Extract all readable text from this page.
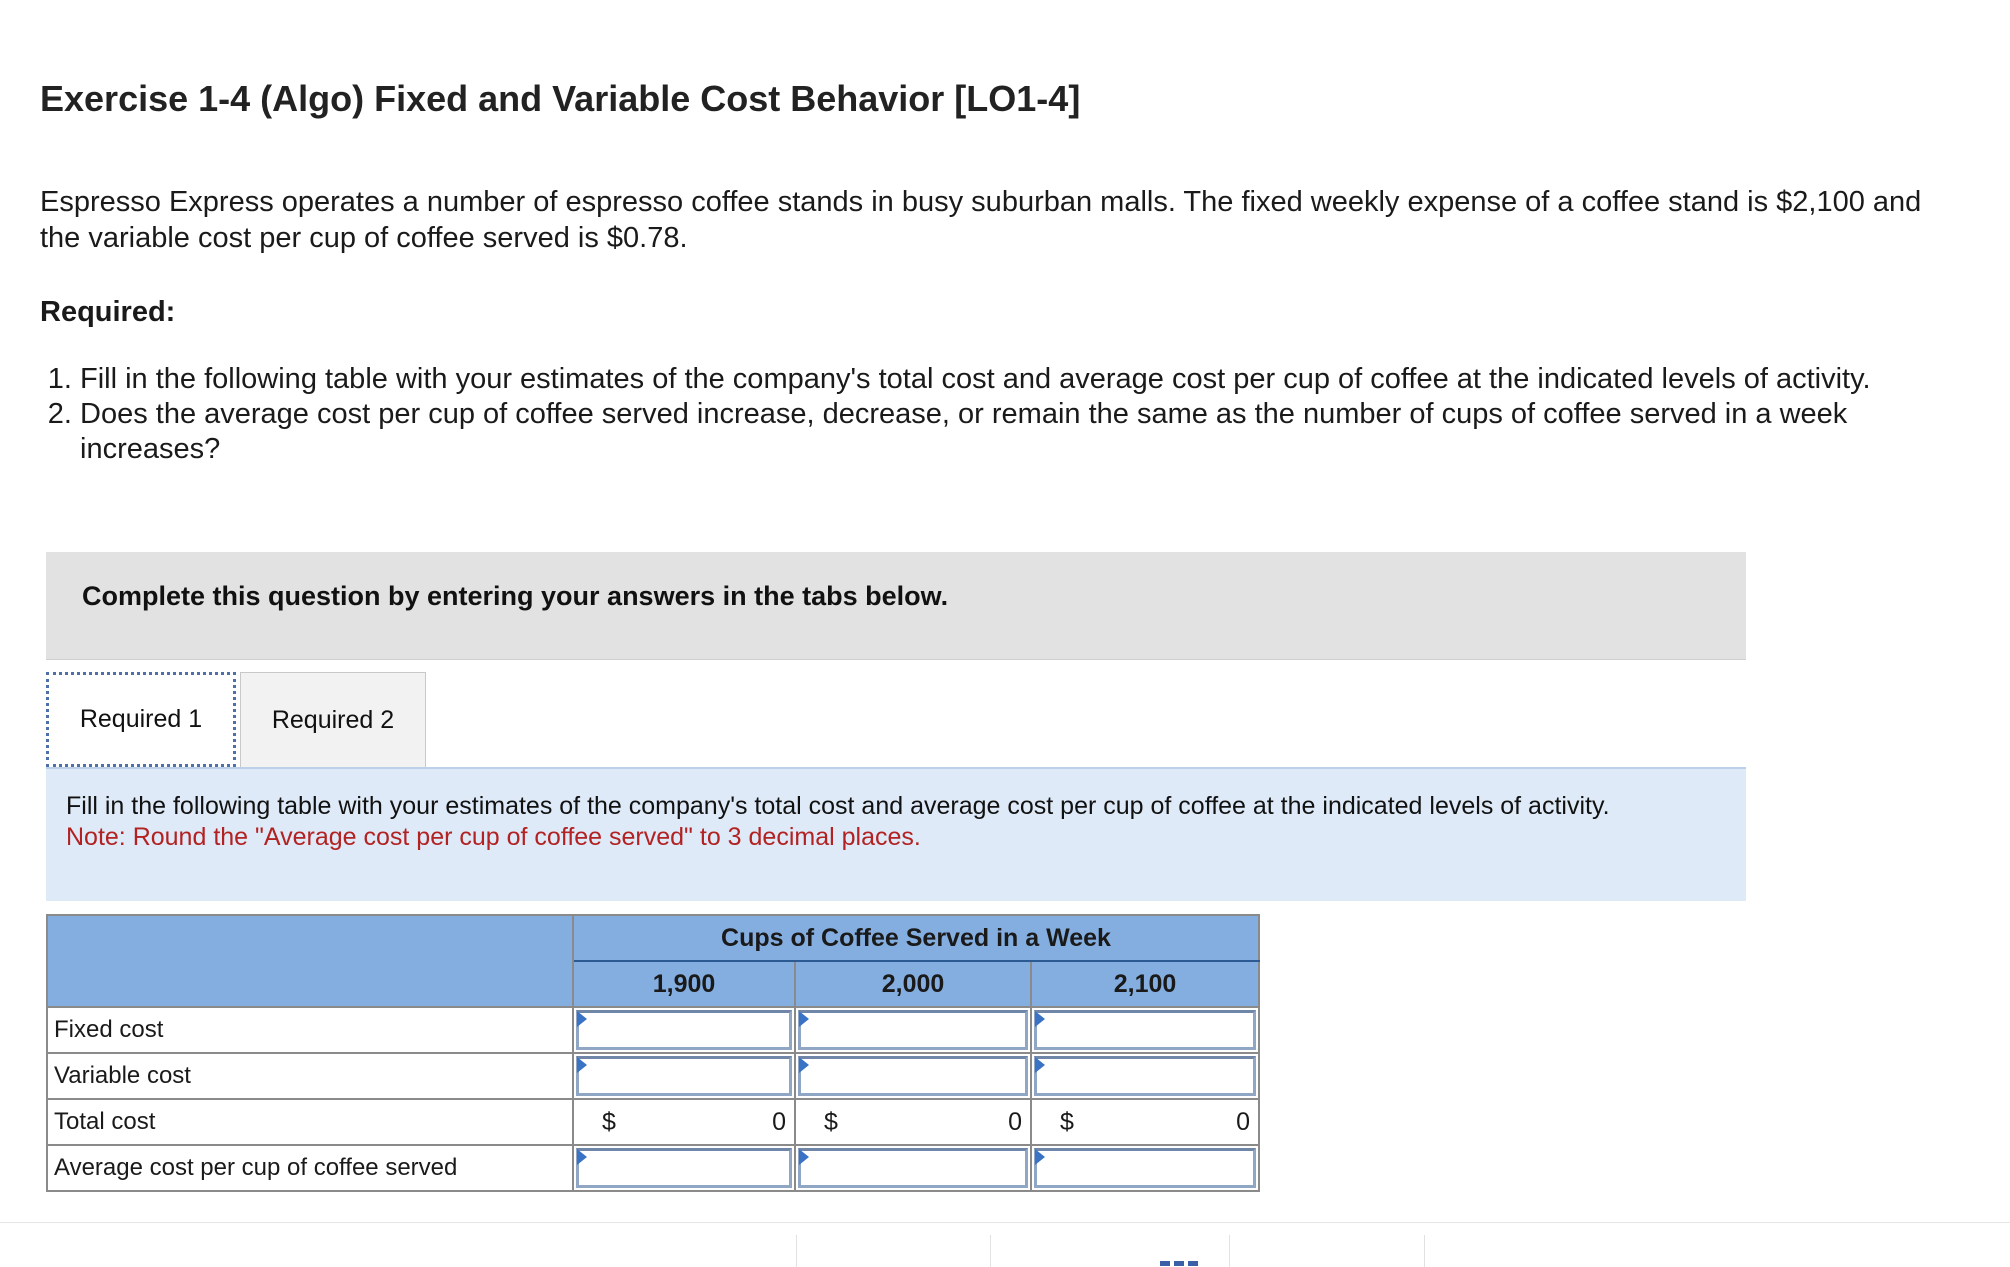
Exercise 1-4 (Algo) Fixed and Variable Cost Behavior [LO1-4]

Espresso Express operates a number of espresso coffee stands in busy suburban malls. The fixed weekly expense of a coffee stand is $2,100 and the variable cost per cup of coffee served is $0.78.

Required:

1. Fill in the following table with your estimates of the company's total cost and average cost per cup of coffee at the indicated levels of activity.
2. Does the average cost per cup of coffee served increase, decrease, or remain the same as the number of cups of coffee served in a week increases?
Complete this question by entering your answers in the tabs below.
Required 1	Required 2
Fill in the following table with your estimates of the company's total cost and average cost per cup of coffee at the indicated levels of activity.
Note: Round the "Average cost per cup of coffee served" to 3 decimal places.
	Cups of Coffee Served in a Week		
	1,900	2,000	2,100
Fixed cost	

Variable cost	

Total cost	$ 0	$ 0	$ 0

Average cost per cup of coffee served	
